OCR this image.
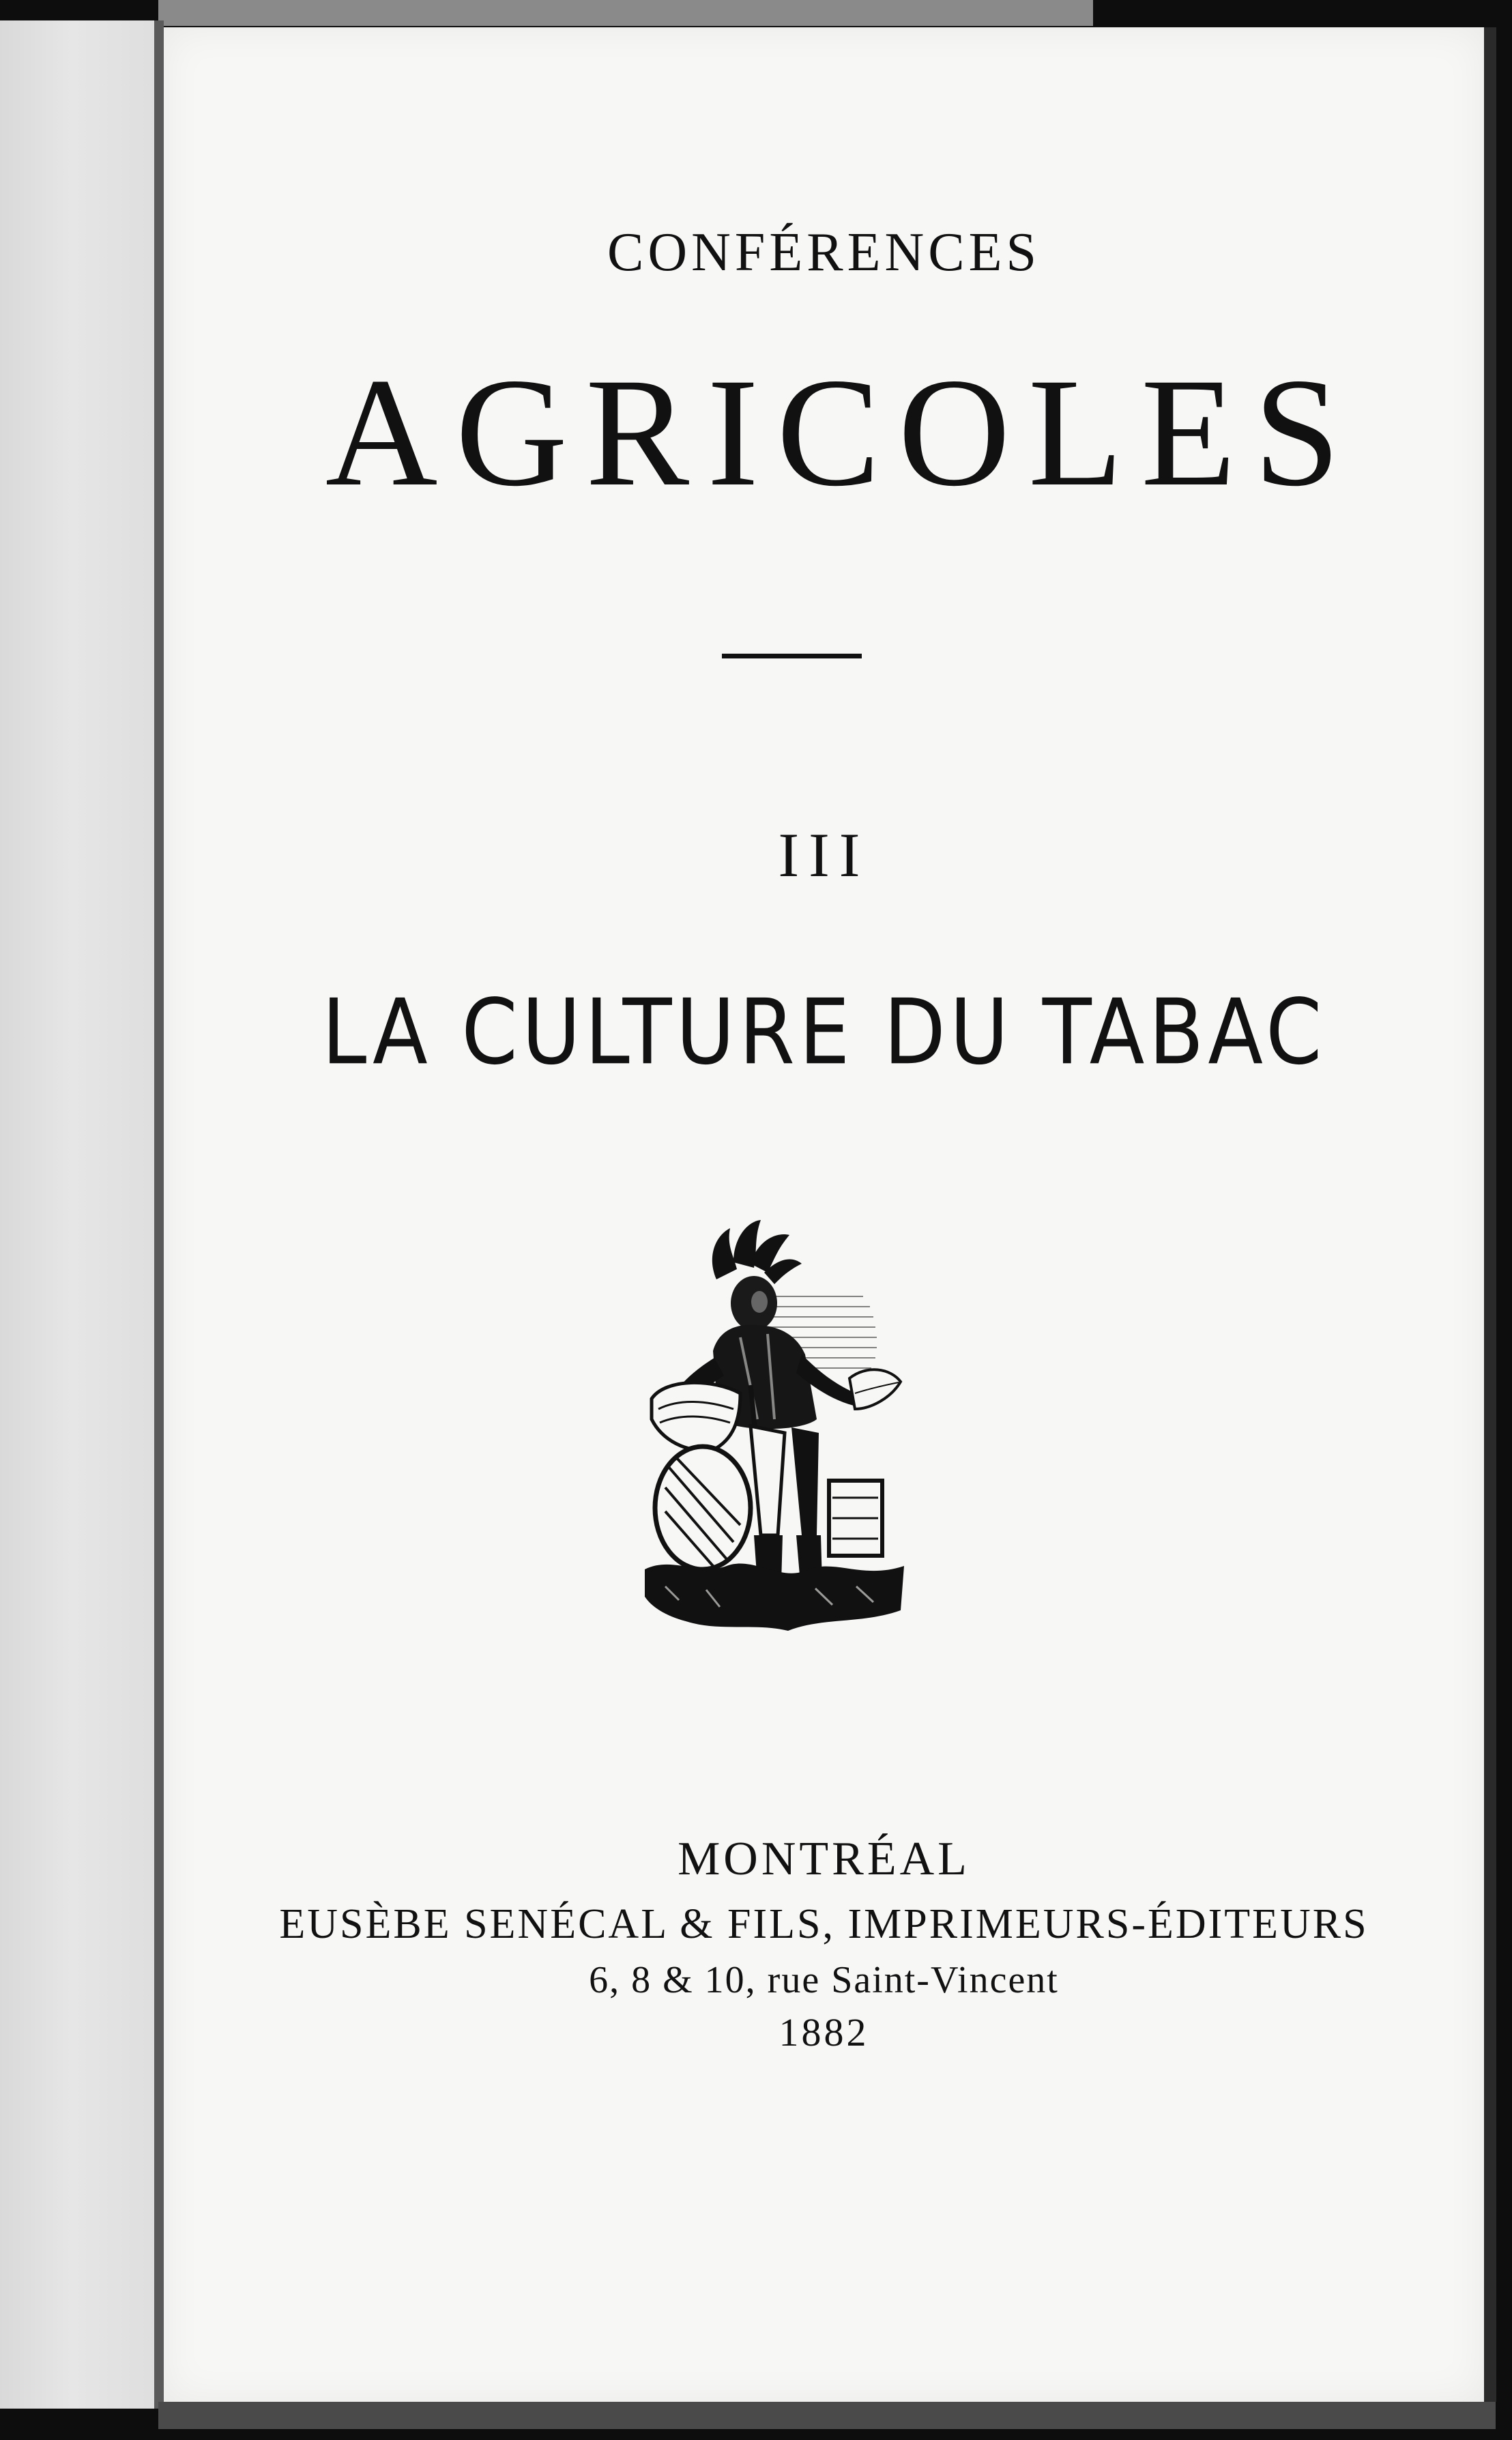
CONFÉRENCES

AGRICOLES

III

LA CULTURE DU TABAC

MONTRÉAL

EUSÈBE SENÉCAL & FILS, IMPRIMEURS-ÉDITEURS

6, 8 & 10, rue Saint-Vincent

1882
